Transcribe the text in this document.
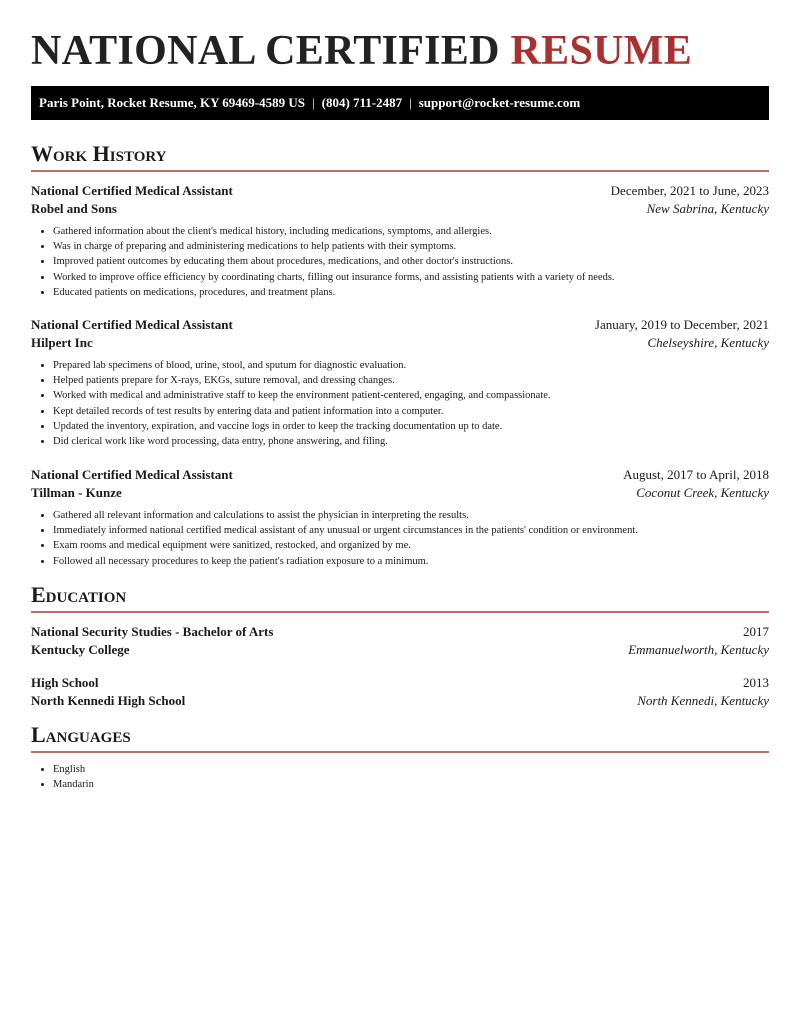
NATIONAL CERTIFIED RESUME
Paris Point, Rocket Resume, KY 69469-4589 US | (804) 711-2487 | support@rocket-resume.com
Work History
National Certified Medical Assistant	December, 2021 to June, 2023
Robel and Sons	New Sabrina, Kentucky
• Gathered information about the client's medical history, including medications, symptoms, and allergies.
• Was in charge of preparing and administering medications to help patients with their symptoms.
• Improved patient outcomes by educating them about procedures, medications, and other doctor's instructions.
• Worked to improve office efficiency by coordinating charts, filling out insurance forms, and assisting patients with a variety of needs.
• Educated patients on medications, procedures, and treatment plans.
National Certified Medical Assistant	January, 2019 to December, 2021
Hilpert Inc	Chelseyshire, Kentucky
• Prepared lab specimens of blood, urine, stool, and sputum for diagnostic evaluation.
• Helped patients prepare for X-rays, EKGs, suture removal, and dressing changes.
• Worked with medical and administrative staff to keep the environment patient-centered, engaging, and compassionate.
• Kept detailed records of test results by entering data and patient information into a computer.
• Updated the inventory, expiration, and vaccine logs in order to keep the tracking documentation up to date.
• Did clerical work like word processing, data entry, phone answering, and filing.
National Certified Medical Assistant	August, 2017 to April, 2018
Tillman - Kunze	Coconut Creek, Kentucky
• Gathered all relevant information and calculations to assist the physician in interpreting the results.
• Immediately informed national certified medical assistant of any unusual or urgent circumstances in the patients' condition or environment.
• Exam rooms and medical equipment were sanitized, restocked, and organized by me.
• Followed all necessary procedures to keep the patient's radiation exposure to a minimum.
Education
National Security Studies - Bachelor of Arts	2017
Kentucky College	Emmanuelworth, Kentucky
High School	2013
North Kennedi High School	North Kennedi, Kentucky
Languages
• English
• Mandarin
